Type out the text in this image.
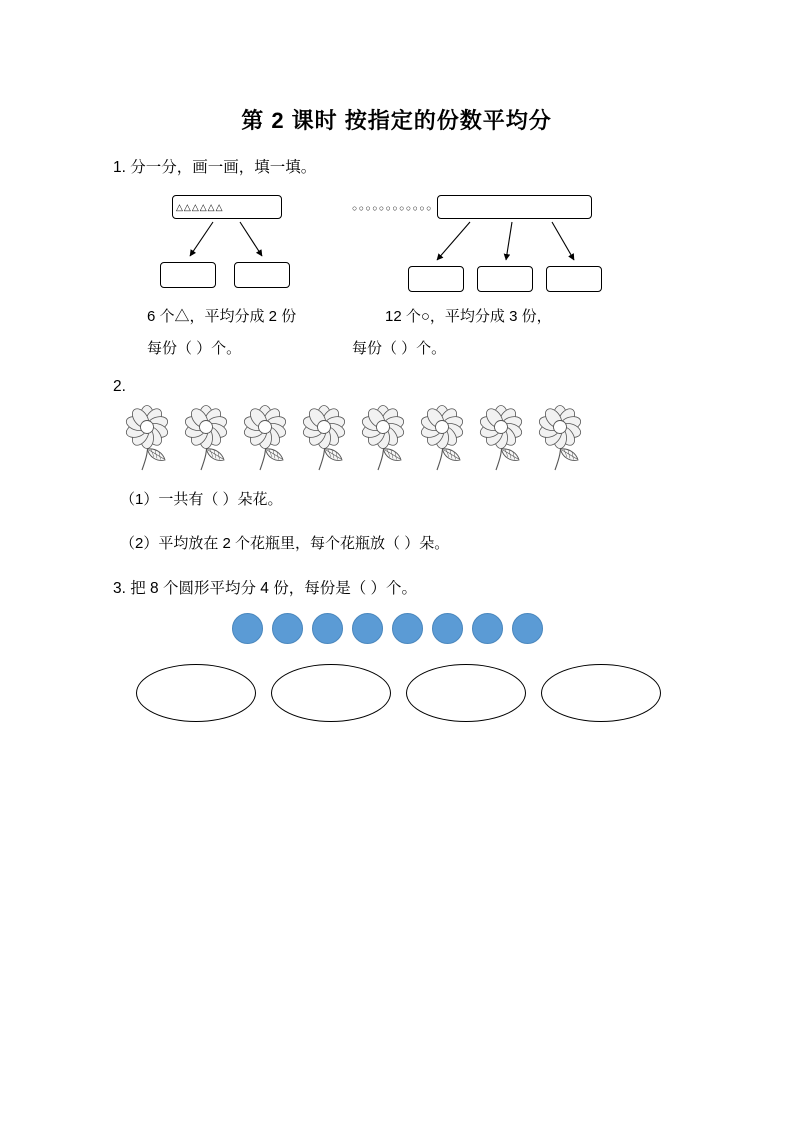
第 2 课时 按指定的份数平均分
1. 分一分，画一画，填一填。
△△△△△△	○○○○○○○○○○○○
6 个△，平均分成 2 份
每份（ ）个。
12 个○，平均分成 3 份，
每份（ ）个。
2.
（1）一共有（ ）朵花。
（2）平均放在 2 个花瓶里，每个花瓶放（ ）朵。
3. 把 8 个圆形平均分 4 份，每份是（ ）个。
